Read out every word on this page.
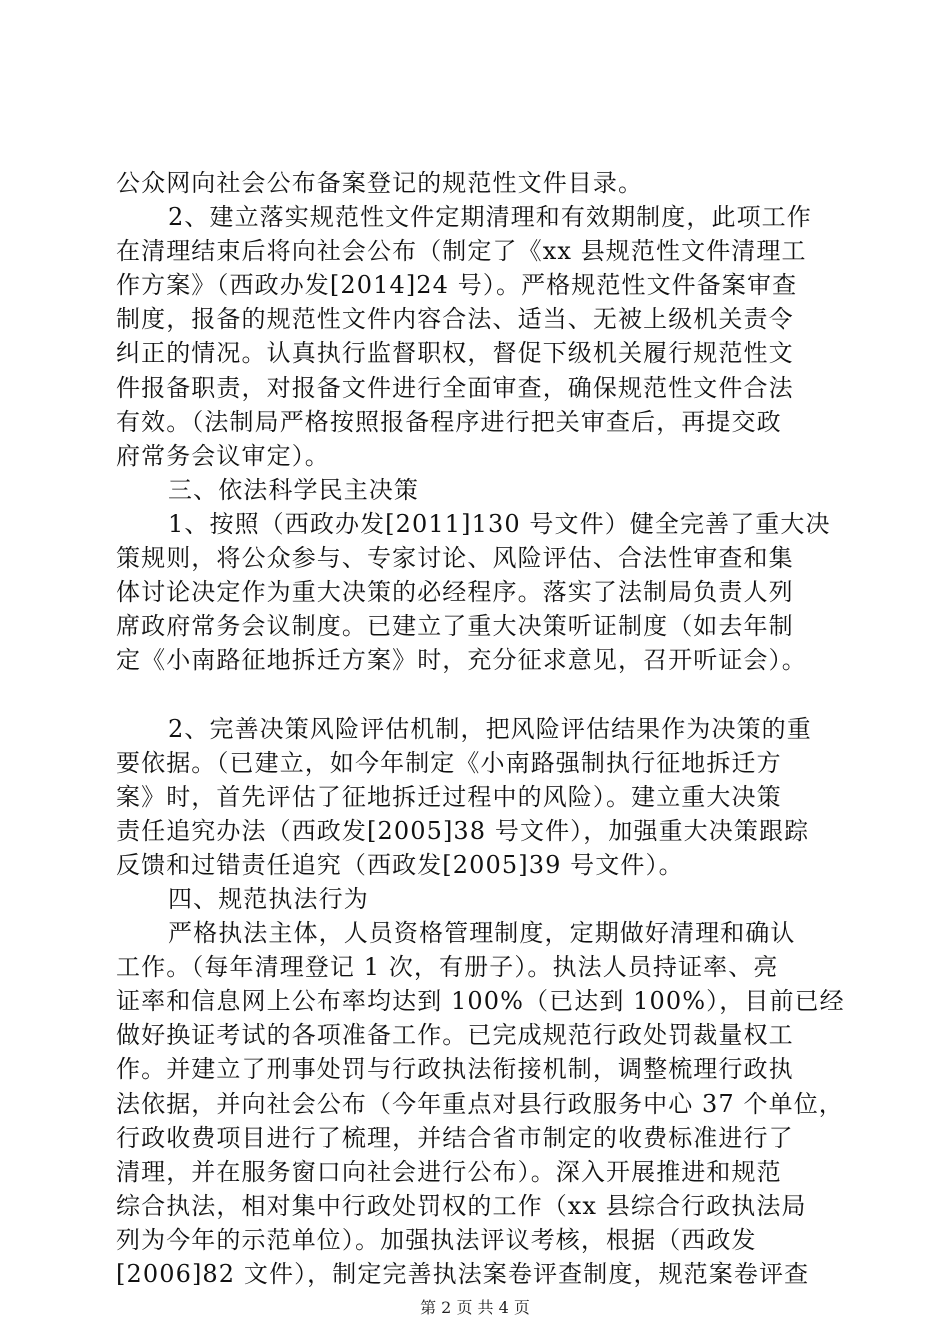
公众网向社会公布备案登记的规范性文件目录。
2、建立落实规范性文件定期清理和有效期制度，此项工作
在清理结束后将向社会公布（制定了《xx 县规范性文件清理工
作方案》（西政办发[2014]24 号）。严格规范性文件备案审查
制度，报备的规范性文件内容合法、适当、无被上级机关责令
纠正的情况。认真执行监督职权，督促下级机关履行规范性文
件报备职责，对报备文件进行全面审查，确保规范性文件合法
有效。（法制局严格按照报备程序进行把关审查后，再提交政
府常务会议审定）。
三、依法科学民主决策
1、按照（西政办发[2011]130 号文件）健全完善了重大决
策规则，将公众参与、专家讨论、风险评估、合法性审查和集
体讨论决定作为重大决策的必经程序。落实了法制局负责人列
席政府常务会议制度。已建立了重大决策听证制度（如去年制
定《小南路征地拆迁方案》时，充分征求意见，召开听证会）。
2、完善决策风险评估机制，把风险评估结果作为决策的重
要依据。（已建立，如今年制定《小南路强制执行征地拆迁方
案》时，首先评估了征地拆迁过程中的风险）。建立重大决策
责任追究办法（西政发[2005]38 号文件），加强重大决策跟踪
反馈和过错责任追究（西政发[2005]39 号文件）。
四、规范执法行为
严格执法主体，人员资格管理制度，定期做好清理和确认
工作。（每年清理登记 1 次，有册子）。执法人员持证率、亮
证率和信息网上公布率均达到 100%（已达到 100%），目前已经
做好换证考试的各项准备工作。已完成规范行政处罚裁量权工
作。并建立了刑事处罚与行政执法衔接机制，调整梳理行政执
法依据，并向社会公布（今年重点对县行政服务中心 37 个单位，
行政收费项目进行了梳理，并结合省市制定的收费标准进行了
清理，并在服务窗口向社会进行公布）。深入开展推进和规范
综合执法，相对集中行政处罚权的工作（xx 县综合行政执法局
列为今年的示范单位）。加强执法评议考核，根据（西政发
[2006]82 文件），制定完善执法案卷评查制度，规范案卷评查
第 2 页 共 4 页
